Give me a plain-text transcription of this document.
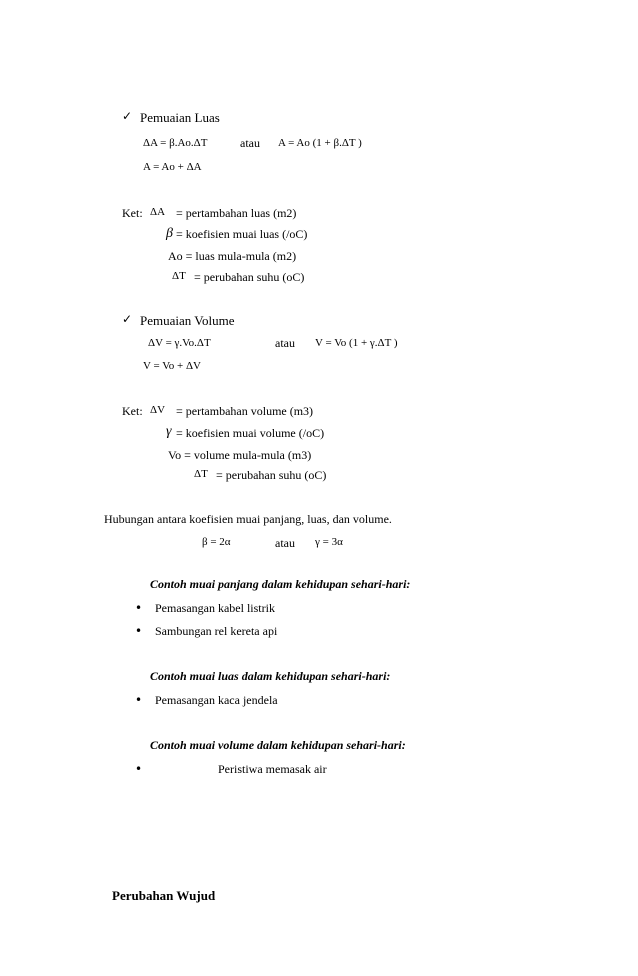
✓ Pemuaian Luas
ΔA = β.Ao.ΔT	atau A = Ao (1 + β.ΔT )
A = Ao + ΔA
Ket: ΔA = pertambahan luas (m2)
β = koefisien muai luas (/oC)
Ao = luas mula-mula (m2)
ΔT = perubahan suhu (oC)
✓ Pemuaian Volume
ΔV = γ.Vo.ΔT	atau V = Vo (1 + γ.ΔT )
V = Vo + ΔV
Ket: ΔV = pertambahan volume (m3)
γ = koefisien muai volume (/oC)
Vo = volume mula-mula (m3)
ΔT = perubahan suhu (oC)
Hubungan antara koefisien muai panjang, luas, dan volume.
β = 2α	atau γ = 3α
Contoh muai panjang dalam kehidupan sehari-hari:
• Pemasangan kabel listrik
• Sambungan rel kereta api
Contoh muai luas dalam kehidupan sehari-hari:
• Pemasangan kaca jendela
Contoh muai volume dalam kehidupan sehari-hari:
•	Peristiwa memasak air
Perubahan Wujud
